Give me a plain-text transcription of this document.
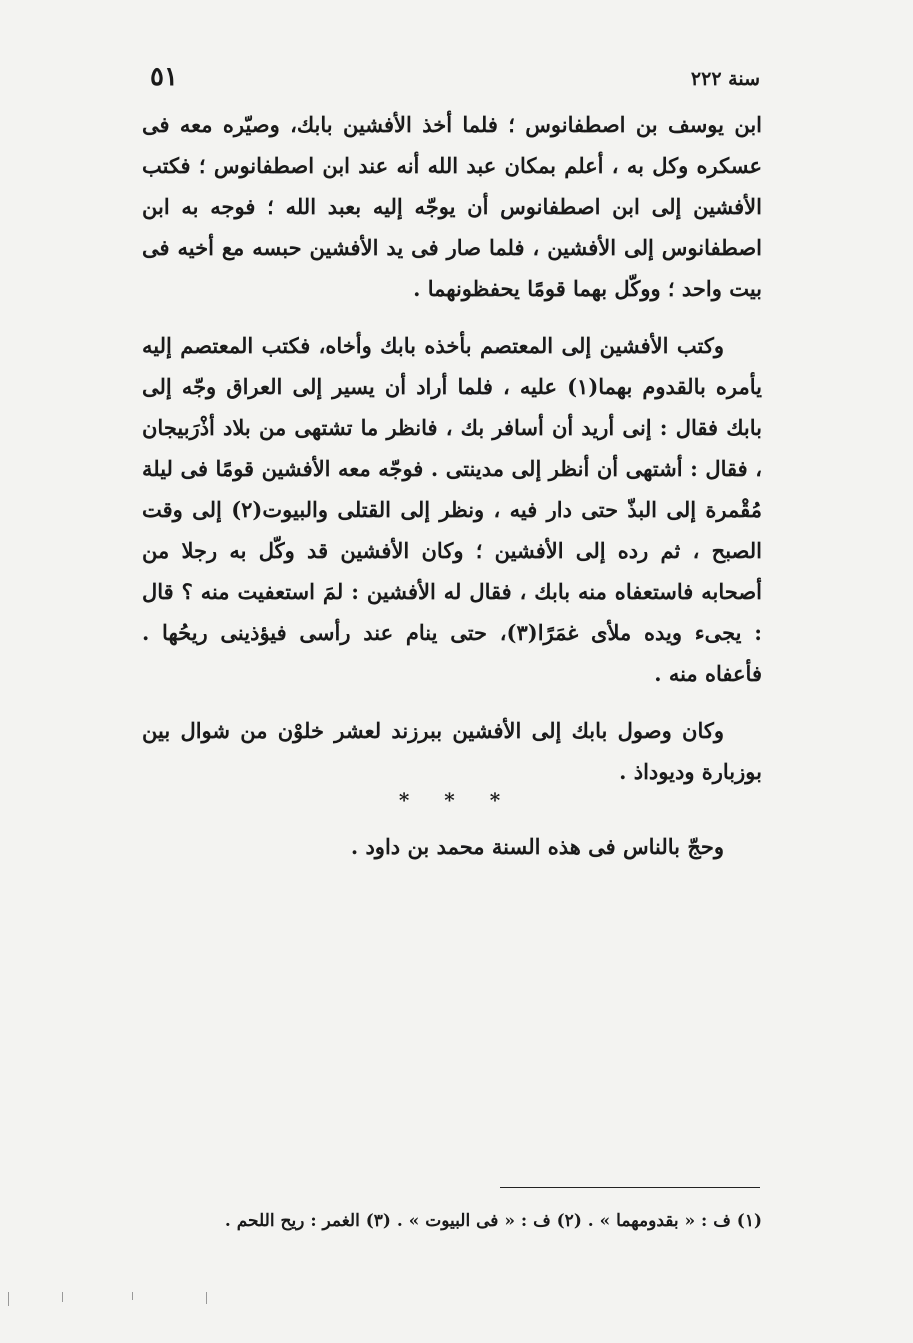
٥١	سنة ٢٢٢

ابن يوسف بن اصطفانوس ؛ فلما أخذ الأفشين بابك، وصيّره معه فى عسكره وكل به ، أعلم بمكان عبد الله أنه عند ابن اصطفانوس ؛ فكتب الأفشين إلى ابن اصطفانوس أن يوجّه إليه بعبد الله ؛ فوجه به ابن اصطفانوس إلى الأفشين ، فلما صار فى يد الأفشين حبسه مع أخيه فى بيت واحد ؛ ووكّل بهما قومًا يحفظونهما .

وكتب الأفشين إلى المعتصم بأخذه بابك وأخاه، فكتب المعتصم إليه يأمره بالقدوم بهما(١) عليه ، فلما أراد أن يسير إلى العراق وجّه إلى بابك فقال : إنى أريد أن أسافر بك ، فانظر ما تشتهى من بلاد أذْرَبيجان ، فقال : أشتهى أن أنظر إلى مدينتى . فوجّه معه الأفشين قومًا فى ليلة مُقْمرة إلى البذّ حتى دار فيه ، ونظر إلى القتلى والبيوت(٢) إلى وقت الصبح ، ثم رده إلى الأفشين ؛ وكان الأفشين قد وكّل به رجلا من أصحابه فاستعفاه منه بابك ، فقال له الأفشين : لمَ استعفيت منه ؟ قال : يجىء ويده ملأى غمَرًا(٣)، حتى ينام عند رأسى فيؤذينى ريحُها . فأعفاه منه .

وكان وصول بابك إلى الأفشين ببرزند لعشر خلوْن من شوال بين بوزبارة وديوداذ .

* * *
وحجّ بالناس فى هذه السنة محمد بن داود .
(١) ف : « بقدومهما » . (٢) ف : « فى البيوت » . (٣) الغمر : ريح اللحم .
